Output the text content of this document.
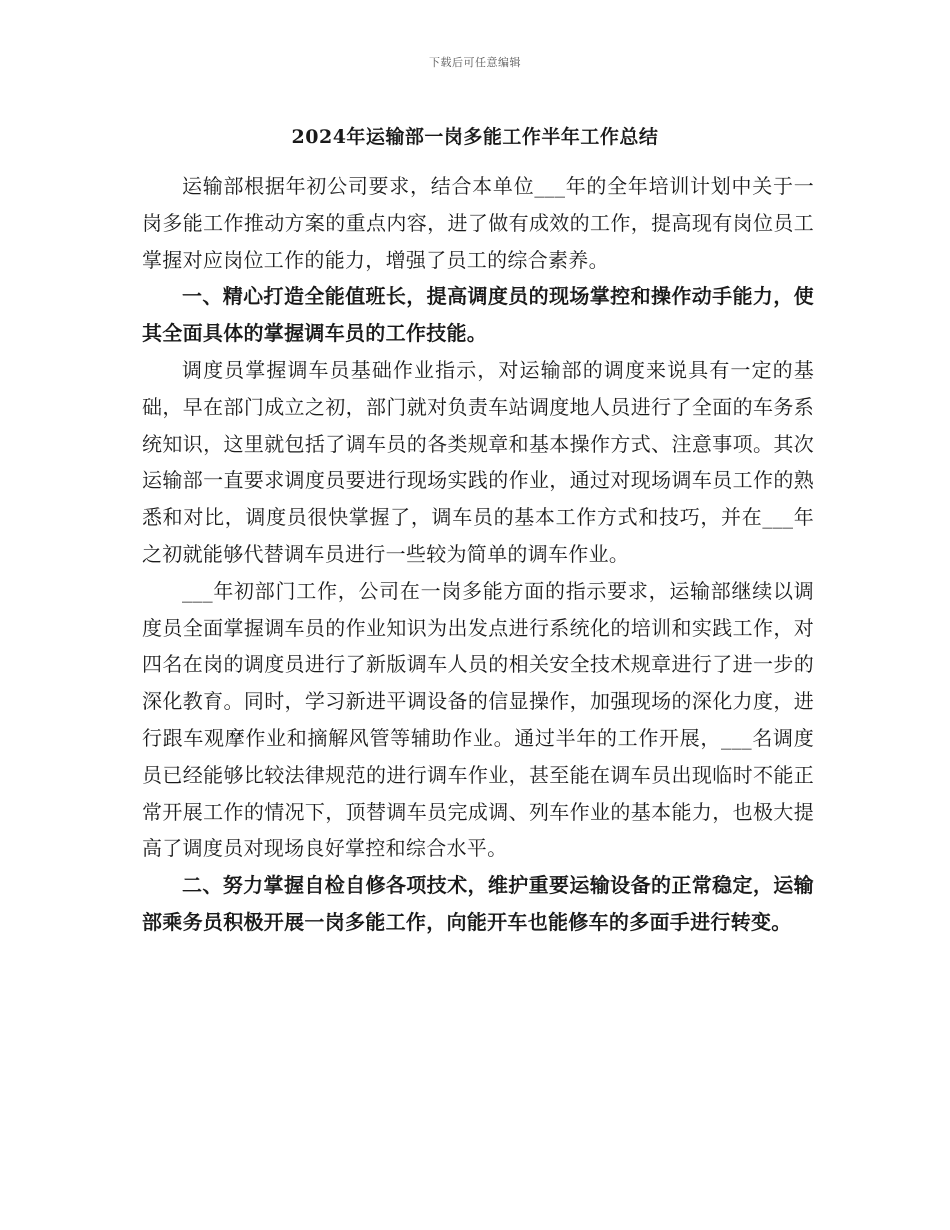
下载后可任意编辑
2024年运输部一岗多能工作半年工作总结

运输部根据年初公司要求，结合本单位___年的全年培训计划中关于一岗多能工作推动方案的重点内容，进了做有成效的工作，提高现有岗位员工掌握对应岗位工作的能力，增强了员工的综合素养。

一、精心打造全能值班长，提高调度员的现场掌控和操作动手能力，使其全面具体的掌握调车员的工作技能。

调度员掌握调车员基础作业指示，对运输部的调度来说具有一定的基础，早在部门成立之初，部门就对负责车站调度地人员进行了全面的车务系统知识，这里就包括了调车员的各类规章和基本操作方式、注意事项。其次运输部一直要求调度员要进行现场实践的作业，通过对现场调车员工作的熟悉和对比，调度员很快掌握了，调车员的基本工作方式和技巧，并在___年之初就能够代替调车员进行一些较为简单的调车作业。

___年初部门工作，公司在一岗多能方面的指示要求，运输部继续以调度员全面掌握调车员的作业知识为出发点进行系统化的培训和实践工作，对四名在岗的调度员进行了新版调车人员的相关安全技术规章进行了进一步的深化教育。同时，学习新进平调设备的信显操作，加强现场的深化力度，进行跟车观摩作业和摘解风管等辅助作业。通过半年的工作开展，___名调度员已经能够比较法律规范的进行调车作业，甚至能在调车员出现临时不能正常开展工作的情况下，顶替调车员完成调、列车作业的基本能力，也极大提高了调度员对现场良好掌控和综合水平。

二、努力掌握自检自修各项技术，维护重要运输设备的正常稳定，运输部乘务员积极开展一岗多能工作，向能开车也能修车的多面手进行转变。
